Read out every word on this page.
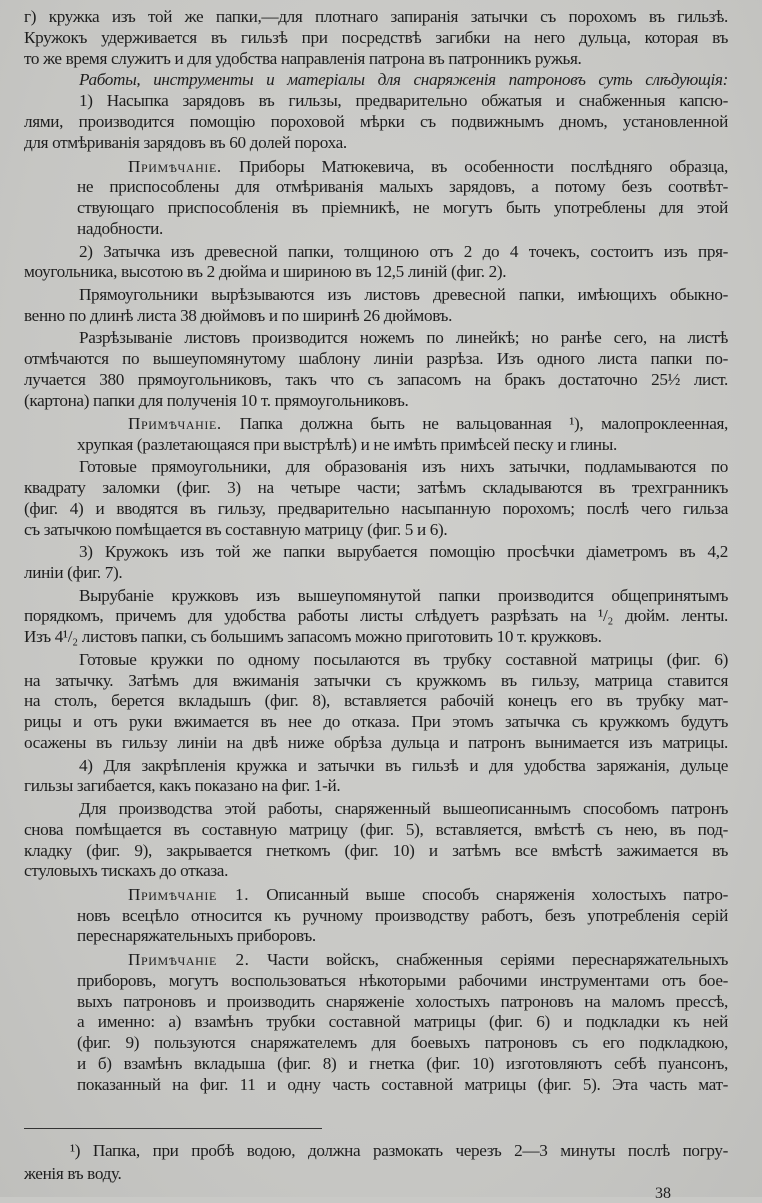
г) кружка изъ той же папки,—для плотнаго запиранія затычки съ порохомъ въ гильзѣ.
Кружокъ удерживается въ гильзѣ при посредствѣ загибки на него дульца, которая въ
то же время служитъ и для удобства направленія патрона въ патронникъ ружья.
Работы, инструменты и матеріалы для снаряженія патроновъ суть слѣдующія:
1) Насыпка зарядовъ въ гильзы, предварительно обжатыя и снабженныя капсю-
лями, производится помощію пороховой мѣрки съ подвижнымъ дномъ, установленной
для отмѣриванія зарядовъ въ 60 долей пороха.
Примѣчаніе. Приборы Матюкевича, въ особенности послѣдняго образца,
не приспособлены для отмѣриванія малыхъ зарядовъ, а потому безъ соотвѣт-
ствующаго приспособленія въ пріемникѣ, не могутъ быть употреблены для этой
надобности.
2) Затычка изъ древесной папки, толщиною отъ 2 до 4 точекъ, состоитъ изъ пря-
моугольника, высотою въ 2 дюйма и шириною въ 12,5 линій (фиг. 2).
Прямоугольники вырѣзываются изъ листовъ древесной папки, имѣющихъ обыкно-
венно по длинѣ листа 38 дюймовъ и по ширинѣ 26 дюймовъ.
Разрѣзываніе листовъ производится ножемъ по линейкѣ; но ранѣе сего, на листѣ
отмѣчаются по вышеупомянутому шаблону линіи разрѣза. Изъ одного листа папки по-
лучается 380 прямоугольниковъ, такъ что съ запасомъ на бракъ достаточно 25½ лист.
(картона) папки для полученія 10 т. прямоугольниковъ.
Примѣчаніе. Папка должна быть не вальцованная ¹), малопроклеенная,
хрупкая (разлетающаяся при выстрѣлѣ) и не имѣть примѣсей песку и глины.
Готовые прямоугольники, для образованія изъ нихъ затычки, подламываются по
квадрату заломки (фиг. 3) на четыре части; затѣмъ складываются въ трехгранникъ
(фиг. 4) и вводятся въ гильзу, предварительно насыпанную порохомъ; послѣ чего гильза
съ затычкою помѣщается въ составную матрицу (фиг. 5 и 6).
3) Кружокъ изъ той же папки вырубается помощію просѣчки діаметромъ въ 4,2
линіи (фиг. 7).
Вырубаніе кружковъ изъ вышеупомянутой папки производится общепринятымъ
порядкомъ, причемъ для удобства работы листы слѣдуетъ разрѣзать на ¹/₂ дюйм. ленты.
Изъ 4¹/₂ листовъ папки, съ большимъ запасомъ можно приготовить 10 т. кружковъ.
Готовые кружки по одному посылаются въ трубку составной матрицы (фиг. 6)
на затычку. Затѣмъ для вжиманія затычки съ кружкомъ въ гильзу, матрица ставится
на столъ, берется вкладышъ (фиг. 8), вставляется рабочій конецъ его въ трубку мат-
рицы и отъ руки вжимается въ нее до отказа. При этомъ затычка съ кружкомъ будутъ
осажены въ гильзу линіи на двѣ ниже обрѣза дульца и патронъ вынимается изъ матрицы.
4) Для закрѣпленія кружка и затычки въ гильзѣ и для удобства заряжанія, дульце
гильзы загибается, какъ показано на фиг. 1-й.
Для производства этой работы, снаряженный вышеописаннымъ способомъ патронъ
снова помѣщается въ составную матрицу (фиг. 5), вставляется, вмѣстѣ съ нею, въ под-
кладку (фиг. 9), закрывается гнеткомъ (фиг. 10) и затѣмъ все вмѣстѣ зажимается въ
стуловыхъ тискахъ до отказа.
Примѣчаніе 1. Описанный выше способъ снаряженія холостыхъ патро-
новъ всецѣло относится къ ручному производству работъ, безъ употребленія серій
переснаряжательныхъ приборовъ.
Примѣчаніе 2. Части войскъ, снабженныя серіями переснаряжательныхъ
приборовъ, могутъ воспользоваться нѣкоторыми рабочими инструментами отъ бое-
выхъ патроновъ и производить снаряженіе холостыхъ патроновъ на маломъ прессѣ,
а именно: а) взамѣнъ трубки составной матрицы (фиг. 6) и подкладки къ ней
(фиг. 9) пользуются снаряжателемъ для боевыхъ патроновъ съ его подкладкою,
и б) взамѣнъ вкладыша (фиг. 8) и гнетка (фиг. 10) изготовляютъ себѣ пуансонъ,
показанный на фиг. 11 и одну часть составной матрицы (фиг. 5). Эта часть мат-
¹) Папка, при пробѣ водою, должна размокать черезъ 2—3 минуты послѣ погру-
женія въ воду.
38
